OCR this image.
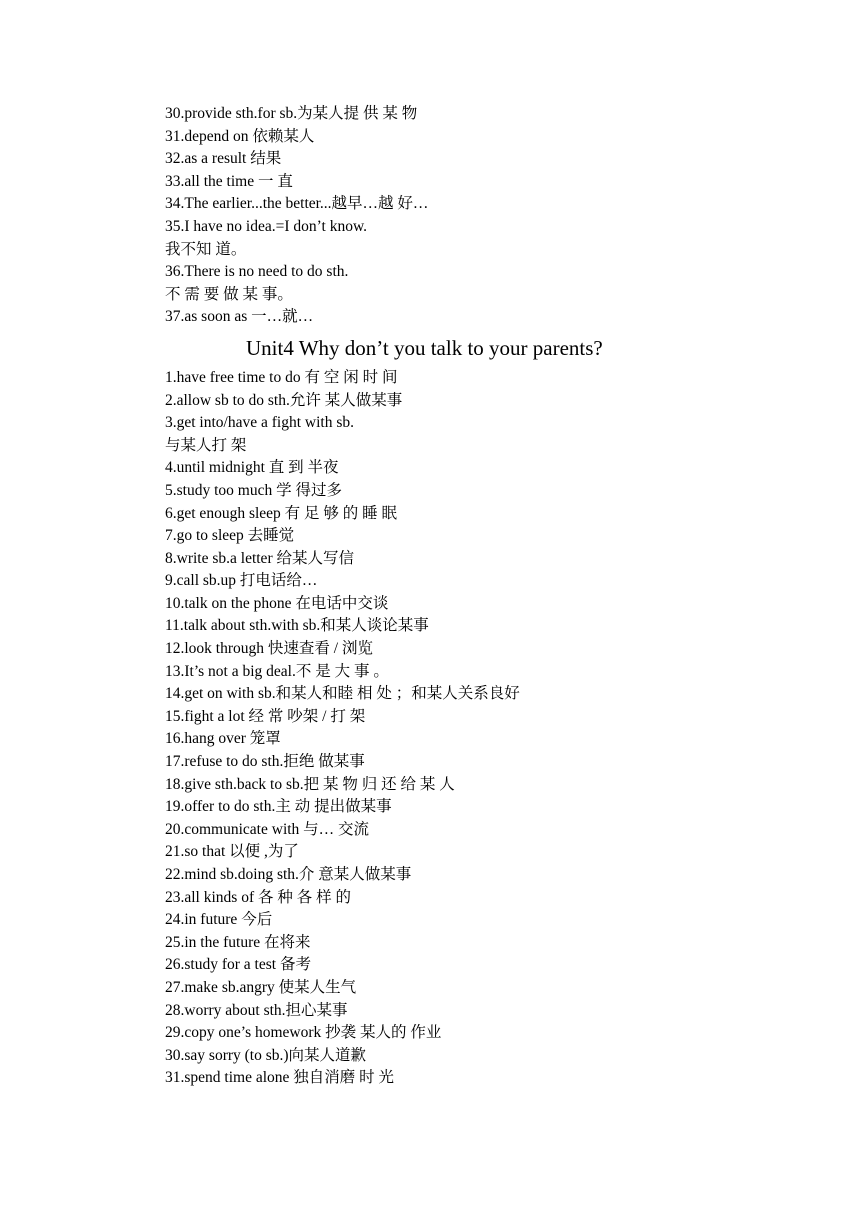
30.provide sth.for sb.为某人提 供 某 物
31.depend on 依赖某人
32.as a result 结果
33.all the time 一 直
34.The earlier...the better...越早…越 好…
35.I have no idea.=I don’t know.
我不知 道。
36.There is no need to do sth.
不 需 要 做 某 事。
37.as soon as 一…就…
Unit4 Why don’t you talk to your parents?
1.have free time to do 有 空 闲 时 间
2.allow sb to do sth.允许 某人做某事
3.get into/have a fight with sb.
与某人打 架
4.until midnight 直 到 半夜
5.study too much 学 得过多
6.get enough sleep 有 足 够 的 睡 眠
7.go to sleep 去睡觉
8.write sb.a letter 给某人写信
9.call sb.up 打电话给…
10.talk on the phone 在电话中交谈
11.talk about sth.with sb.和某人谈论某事
12.look through 快速查看 / 浏览
13.It’s not a big deal.不 是 大 事 。
14.get on with sb.和某人和睦 相 处 ；和某人关系良好
15.fight a lot 经 常 吵架 / 打 架
16.hang over 笼罩
17.refuse to do sth.拒绝 做某事
18.give sth.back to sb.把 某 物 归 还 给 某 人
19.offer to do sth.主 动 提出做某事
20.communicate with 与… 交流
21.so that 以便 ,为了
22.mind sb.doing sth.介 意某人做某事
23.all kinds of 各 种 各 样 的
24.in future 今后
25.in the future 在将来
26.study for a test 备考
27.make sb.angry 使某人生气
28.worry about sth.担心某事
29.copy one’s homework 抄袭 某人的 作业
30.say sorry (to sb.)向某人道歉
31.spend time alone 独自消磨 时 光
